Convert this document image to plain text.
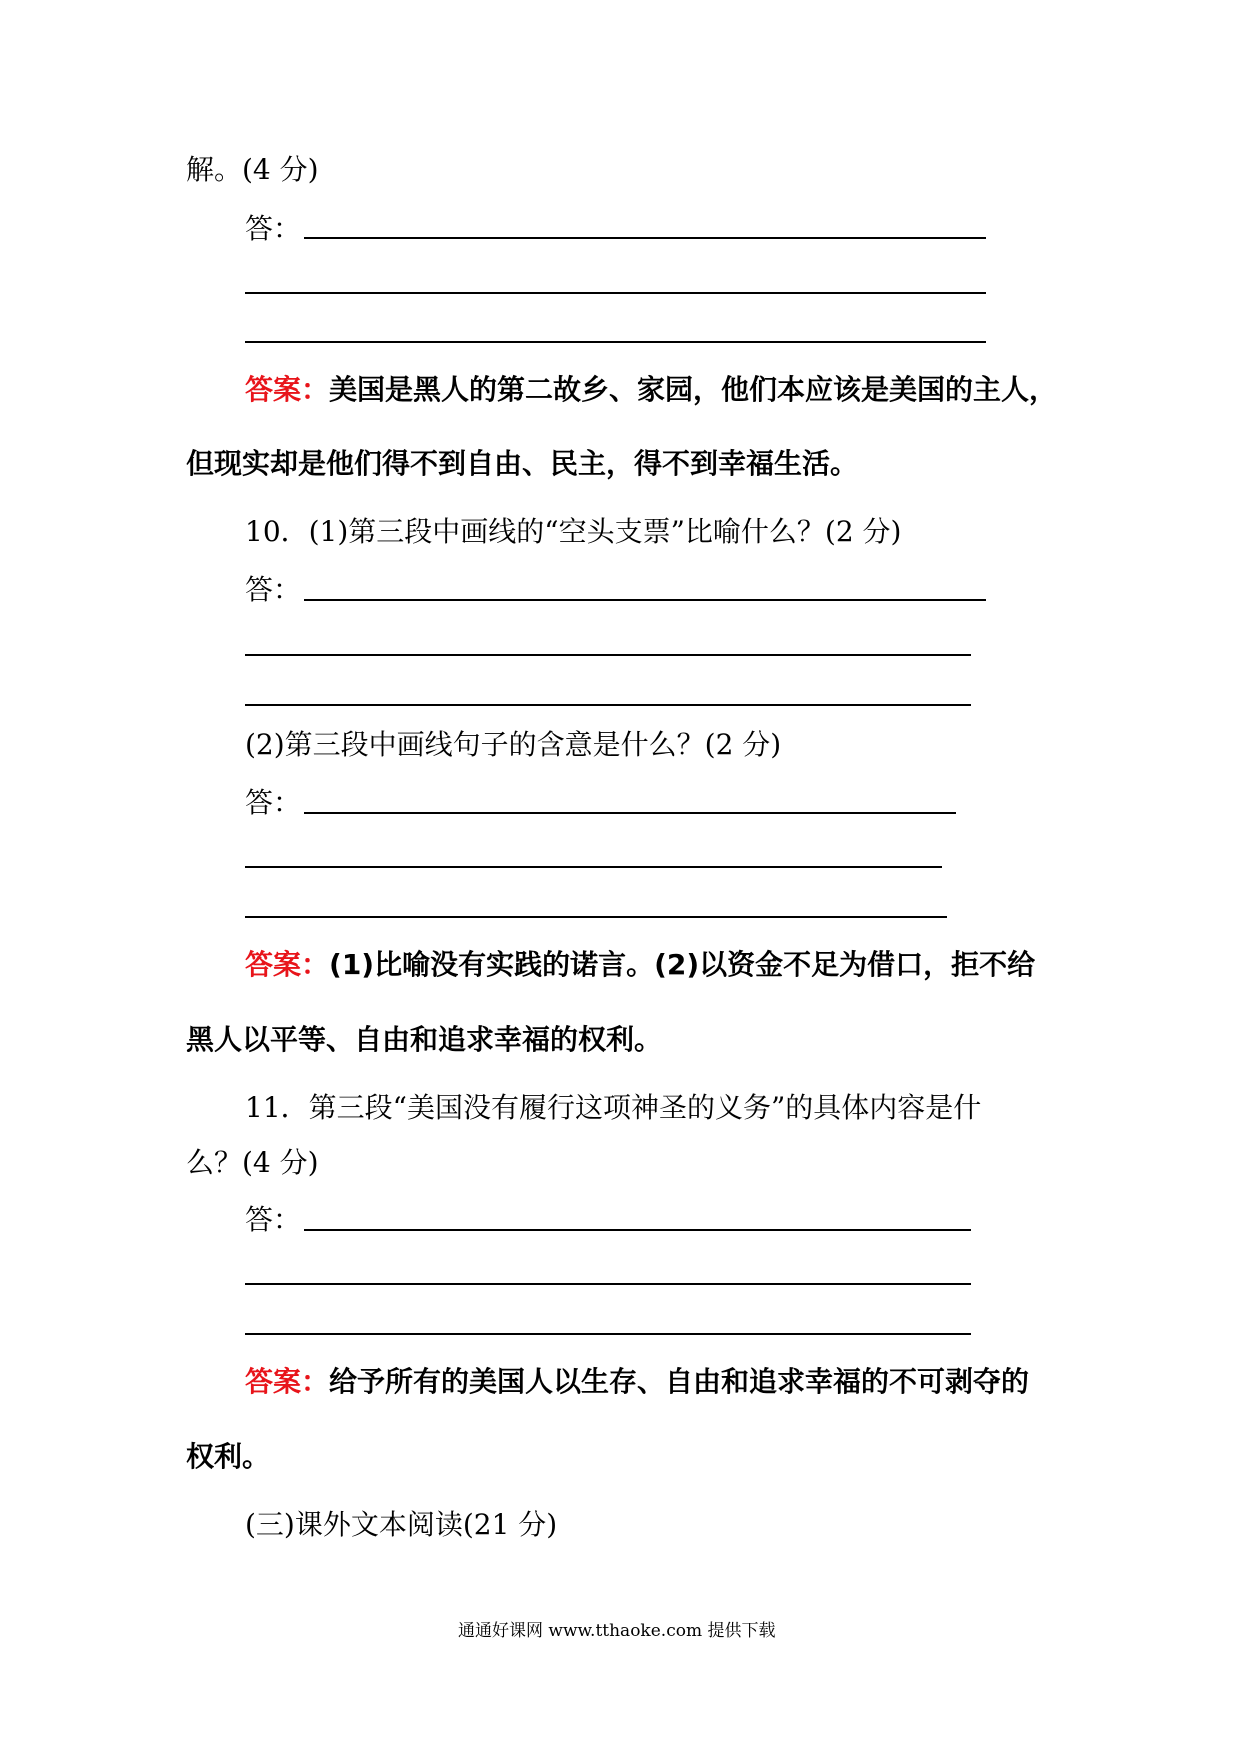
解。(4 分)
答：
答案：美国是黑人的第二故乡、家园，他们本应该是美国的主人，
但现实却是他们得不到自由、民主，得不到幸福生活。
10．(1)第三段中画线的“空头支票”比喻什么？(2 分)
答：
(2)第三段中画线句子的含意是什么？(2 分)
答：
答案：(1)比喻没有实践的诺言。(2)以资金不足为借口，拒不给
黑人以平等、自由和追求幸福的权利。
11．第三段“美国没有履行这项神圣的义务”的具体内容是什
么？(4 分)
答：
答案：给予所有的美国人以生存、自由和追求幸福的不可剥夺的
权利。
(三)课外文本阅读(21 分)
通通好课网 www.tthaoke.com 提供下载
